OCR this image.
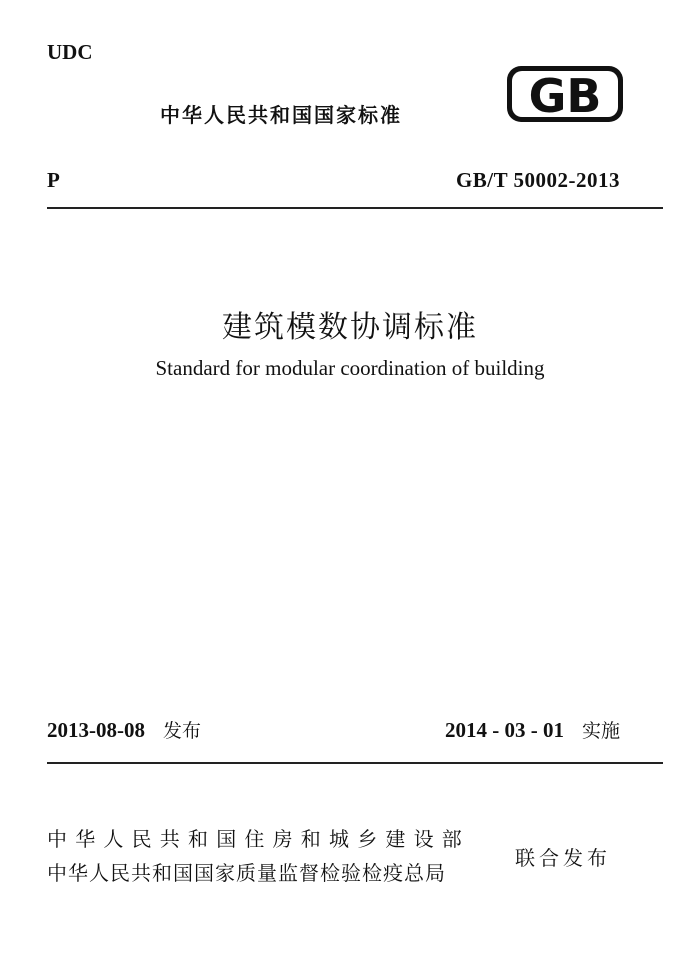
UDC
中华人民共和国国家标准	GB
P	GB/T 50002-2013
建筑模数协调标准
Standard for modular coordination of building
2013-08-08 发布	2014 - 03 - 01 实施
中华人民共和国住房和城乡建设部
中华人民共和国国家质量监督检验检疫总局
联合发布
